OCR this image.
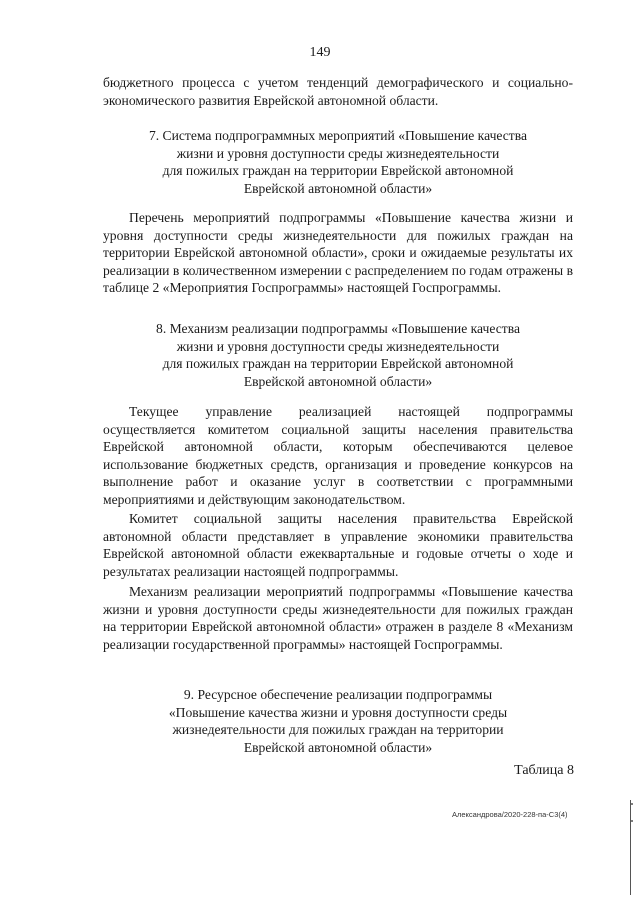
149
бюджетного процесса с учетом тенденций демографического и социально-экономического развития Еврейской автономной области.
7. Система подпрограммных мероприятий «Повышение качества
жизни и уровня доступности среды жизнедеятельности
для пожилых граждан на территории Еврейской автономной
Еврейской автономной области»
Перечень мероприятий подпрограммы «Повышение качества жизни и уровня доступности среды жизнедеятельности для пожилых граждан на территории Еврейской автономной области», сроки и ожидаемые результаты их реализации в количественном измерении с распределением по годам отражены в таблице 2 «Мероприятия Госпрограммы» настоящей Госпрограммы.
8. Механизм реализации подпрограммы «Повышение качества
жизни и уровня доступности среды жизнедеятельности
для пожилых граждан на территории Еврейской автономной
Еврейской автономной области»
Текущее управление реализацией настоящей подпрограммы осуществляется комитетом социальной защиты населения правительства Еврейской автономной области, которым обеспечиваются целевое использование бюджетных средств, организация и проведение конкурсов на выполнение работ и оказание услуг в соответствии с программными мероприятиями и действующим законодательством.
Комитет социальной защиты населения правительства Еврейской автономной области представляет в управление экономики правительства Еврейской автономной области ежеквартальные и годовые отчеты о ходе и результатах реализации настоящей подпрограммы.
Механизм реализации мероприятий подпрограммы «Повышение качества жизни и уровня доступности среды жизнедеятельности для пожилых граждан на территории Еврейской автономной области» отражен в разделе 8 «Механизм реализации государственной программы» настоящей Госпрограммы.
9. Ресурсное обеспечение реализации подпрограммы
«Повышение качества жизни и уровня доступности среды
жизнедеятельности для пожилых граждан на территории
Еврейской автономной области»
Таблица 8
Александрова/2020-228-па-С3(4)
